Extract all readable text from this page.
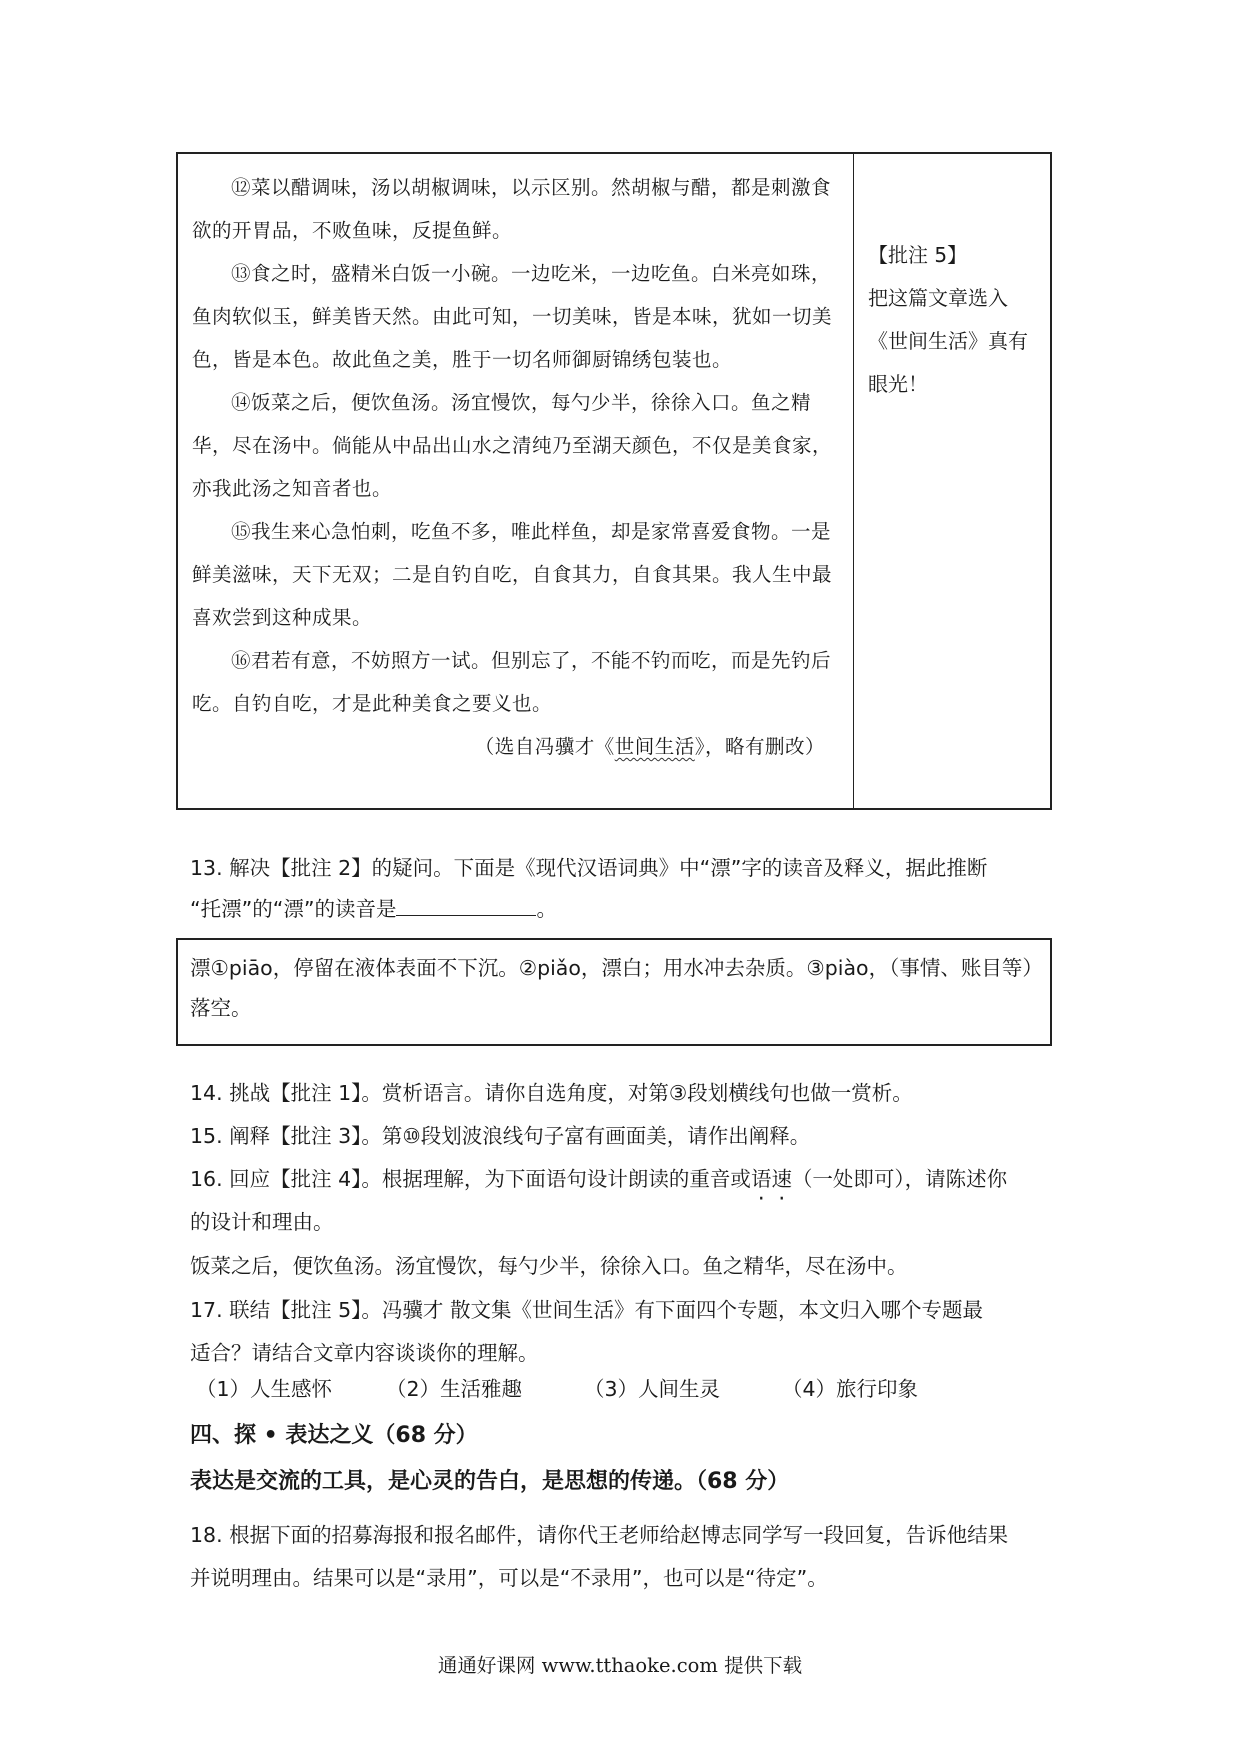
⑫菜以醋调味，汤以胡椒调味，以示区别。然胡椒与醋，都是刺激食欲的开胃品，不败鱼味，反提鱼鲜。

⑬食之时，盛精米白饭一小碗。一边吃米，一边吃鱼。白米亮如珠，鱼肉软似玉，鲜美皆天然。由此可知，一切美味，皆是本味，犹如一切美色，皆是本色。故此鱼之美，胜于一切名师御厨锦绣包装也。

⑭饭菜之后，便饮鱼汤。汤宜慢饮，每勺少半，徐徐入口。鱼之精华，尽在汤中。倘能从中品出山水之清纯乃至湖天颜色，不仅是美食家，亦我此汤之知音者也。

⑮我生来心急怕刺，吃鱼不多，唯此样鱼，却是家常喜爱食物。一是鲜美滋味，天下无双；二是自钓自吃，自食其力，自食其果。我人生中最喜欢尝到这种成果。

⑯君若有意，不妨照方一试。但别忘了，不能不钓而吃，而是先钓后吃。自钓自吃，才是此种美食之要义也。

（选自冯骥才《世间生活》，略有删改）

【批注 5】
把这篇文章选入《世间生活》真有眼光！
13. 解决【批注 2】的疑问。下面是《现代汉语词典》中“漂”字的读音及释义，据此推断
“托漂”的“漂”的读音是	。
漂①piāo，停留在液体表面不下沉。②piǎo，漂白；用水冲去杂质。③piào，（事情、账目等）落空。
14. 挑战【批注 1】。赏析语言。请你自选角度，对第③段划横线句也做一赏析。
15. 阐释【批注 3】。第⑩段划波浪线句子富有画面美，请作出阐释。
16. 回应【批注 4】。根据理解，为下面语句设计朗读的重音或语速（一处即可），请陈述你
的设计和理由。
饭菜之后，便饮鱼汤。汤宜慢饮，每勺少半，徐徐入口。鱼之精华，尽在汤中。
17. 联结【批注 5】。冯骥才 散文集《世间生活》有下面四个专题，本文归入哪个专题最
适合？请结合文章内容谈谈你的理解。
（1）人生感怀	（2）生活雅趣	（3）人间生灵	（4）旅行印象
四、探 • 表达之义（68 分）
表达是交流的工具，是心灵的告白，是思想的传递。（68 分）
18. 根据下面的招募海报和报名邮件，请你代王老师给赵博志同学写一段回复，告诉他结果
并说明理由。结果可以是“录用”，可以是“不录用”，也可以是“待定”。
通通好课网 www.tthaoke.com 提供下载
